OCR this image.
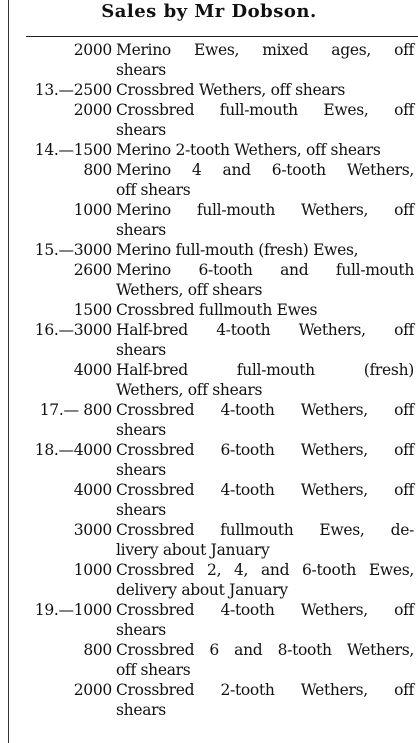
Sales by Mr Dobson.
2000 Merino Ewes, mixed ages, off
shears
13.—2500 Crossbred Wethers, off shears
2000 Crossbred full-mouth Ewes, off
shears
14.—1500 Merino 2-tooth Wethers, off shears
800 Merino 4 and 6-tooth Wethers,
off shears
1000 Merino full-mouth Wethers, off
shears
15.—3000 Merino full-mouth (fresh) Ewes,
2600 Merino 6-tooth and full-mouth
Wethers, off shears
1500 Crossbred fullmouth Ewes
16.—3000 Half-bred 4-tooth Wethers, off
shears
4000 Half-bred full-mouth (fresh)
Wethers, off shears
17.— 800 Crossbred 4-tooth Wethers, off
shears
18.—4000 Crossbred 6-tooth Wethers, off
shears
4000 Crossbred 4-tooth Wethers, off
shears
3000 Crossbred fullmouth Ewes, de-
livery about January
1000 Crossbred 2, 4, and 6-tooth Ewes,
delivery about January
19.—1000 Crossbred 4-tooth Wethers, off
shears
800 Crossbred 6 and 8-tooth Wethers,
off shears
2000 Crossbred 2-tooth Wethers, off
shears
